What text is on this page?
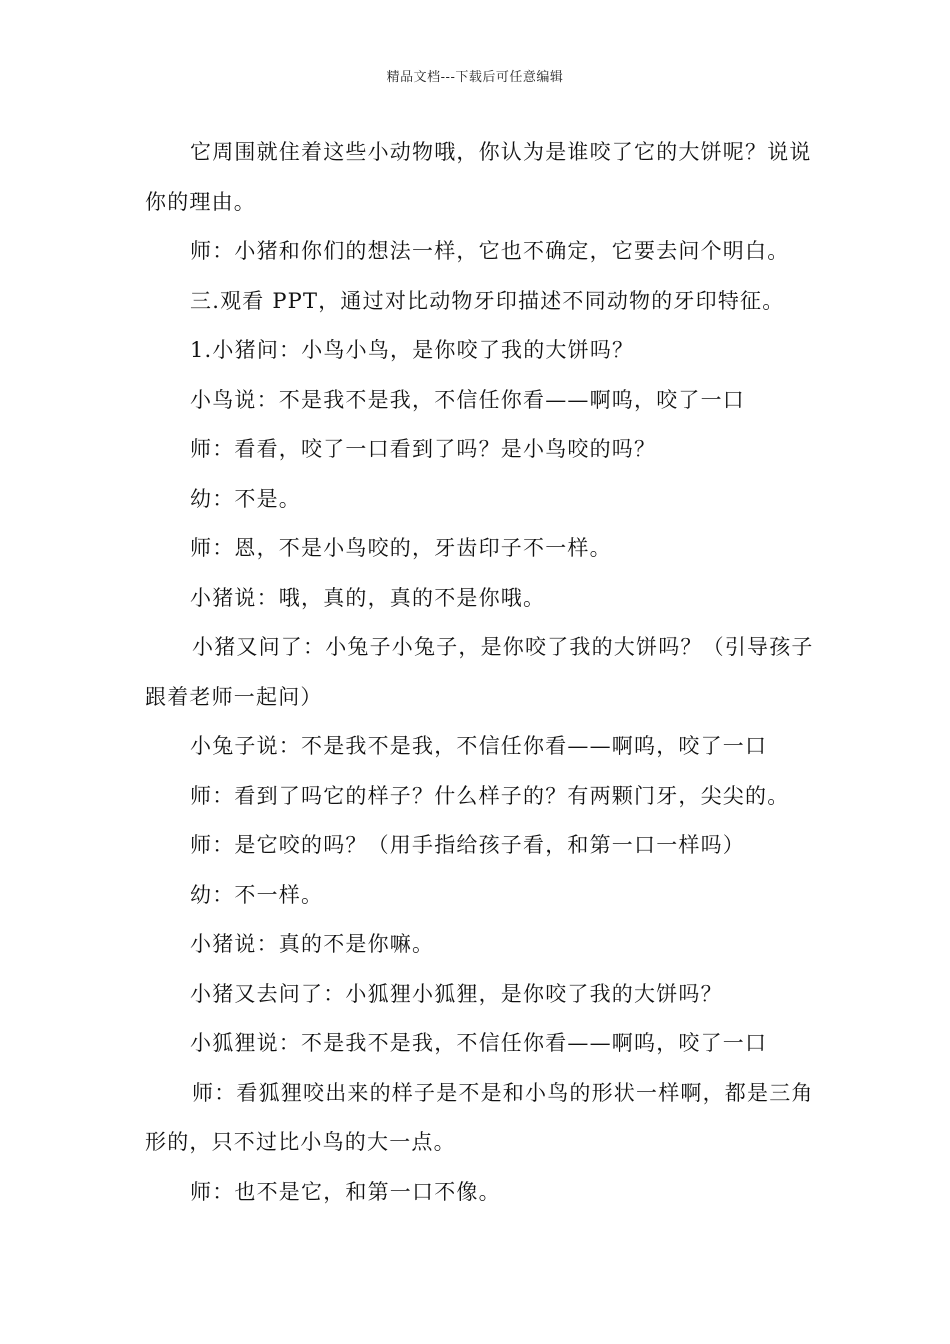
精品文档---下载后可任意编辑

它周围就住着这些小动物哦，你认为是谁咬了它的大饼呢？说说你的理由。

师：小猪和你们的想法一样，它也不确定，它要去问个明白。

三.观看 PPT，通过对比动物牙印描述不同动物的牙印特征。

1.小猪问：小鸟小鸟，是你咬了我的大饼吗？

小鸟说：不是我不是我，不信任你看——啊呜，咬了一口

师：看看，咬了一口看到了吗？是小鸟咬的吗？

幼：不是。

师：恩，不是小鸟咬的，牙齿印子不一样。

小猪说：哦，真的，真的不是你哦。

小猪又问了：小兔子小兔子，是你咬了我的大饼吗？（引导孩子跟着老师一起问）

小兔子说：不是我不是我，不信任你看——啊呜，咬了一口

师：看到了吗它的样子？什么样子的？有两颗门牙，尖尖的。

师：是它咬的吗？（用手指给孩子看，和第一口一样吗）

幼：不一样。

小猪说：真的不是你嘛。

小猪又去问了：小狐狸小狐狸，是你咬了我的大饼吗？

小狐狸说：不是我不是我，不信任你看——啊呜，咬了一口

师：看狐狸咬出来的样子是不是和小鸟的形状一样啊，都是三角形的，只不过比小鸟的大一点。

师：也不是它，和第一口不像。
